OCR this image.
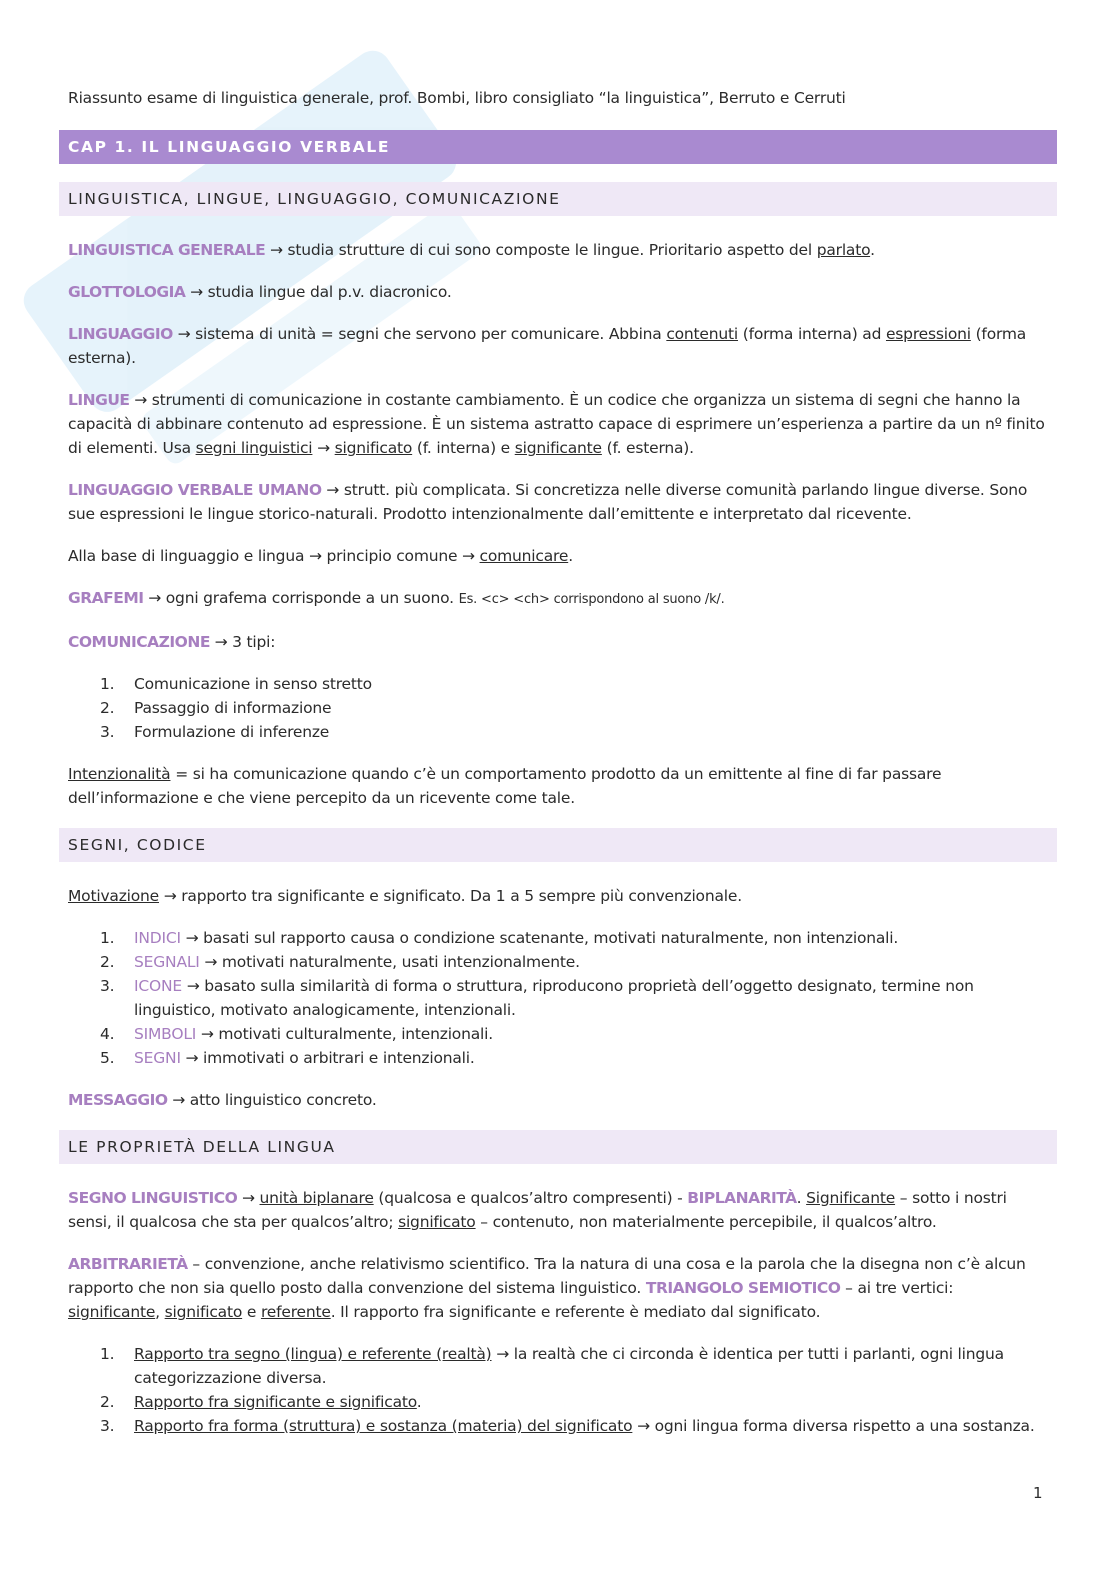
Riassunto esame di linguistica generale, prof. Bombi, libro consigliato “la linguistica”, Berruto e Cerruti

CAP 1. IL LINGUAGGIO VERBALE
LINGUISTICA, LINGUE, LINGUAGGIO, COMUNICAZIONE

LINGUISTICA GENERALE → studia strutture di cui sono composte le lingue. Prioritario aspetto del parlato.

GLOTTOLOGIA → studia lingue dal p.v. diacronico.

LINGUAGGIO → sistema di unità = segni che servono per comunicare. Abbina contenuti (forma interna) ad espressioni (forma esterna).

LINGUE → strumenti di comunicazione in costante cambiamento. È un codice che organizza un sistema di segni che hanno la capacità di abbinare contenuto ad espressione. È un sistema astratto capace di esprimere un’esperienza a partire da un nº finito di elementi. Usa segni linguistici → significato (f. interna) e significante (f. esterna).

LINGUAGGIO VERBALE UMANO → strutt. più complicata. Si concretizza nelle diverse comunità parlando lingue diverse. Sono sue espressioni le lingue storico-naturali. Prodotto intenzionalmente dall’emittente e interpretato dal ricevente.

Alla base di linguaggio e lingua → principio comune → comunicare.

GRAFEMI → ogni grafema corrisponde a un suono. Es. <c> <ch> corrispondono al suono /k/.

COMUNICAZIONE → 3 tipi:

1. Comunicazione in senso stretto
2. Passaggio di informazione
3. Formulazione di inferenze

Intenzionalità = si ha comunicazione quando c’è un comportamento prodotto da un emittente al fine di far passare dell’informazione e che viene percepito da un ricevente come tale.

SEGNI, CODICE

Motivazione → rapporto tra significante e significato. Da 1 a 5 sempre più convenzionale.

1. INDICI → basati sul rapporto causa o condizione scatenante, motivati naturalmente, non intenzionali.
2. SEGNALI → motivati naturalmente, usati intenzionalmente.
3. ICONE → basato sulla similarità di forma o struttura, riproducono proprietà dell’oggetto designato, termine non linguistico, motivato analogicamente, intenzionali.
4. SIMBOLI → motivati culturalmente, intenzionali.
5. SEGNI → immotivati o arbitrari e intenzionali.

MESSAGGIO → atto linguistico concreto.

LE PROPRIETÀ DELLA LINGUA

SEGNO LINGUISTICO → unità biplanare (qualcosa e qualcos’altro compresenti) - BIPLANARITÀ. Significante – sotto i nostri sensi, il qualcosa che sta per qualcos’altro; significato – contenuto, non materialmente percepibile, il qualcos’altro.

ARBITRARIETÀ – convenzione, anche relativismo scientifico. Tra la natura di una cosa e la parola che la disegna non c’è alcun rapporto che non sia quello posto dalla convenzione del sistema linguistico. TRIANGOLO SEMIOTICO – ai tre vertici: significante, significato e referente. Il rapporto fra significante e referente è mediato dal significato.

1. Rapporto tra segno (lingua) e referente (realtà) → la realtà che ci circonda è identica per tutti i parlanti, ogni lingua categorizzazione diversa.
2. Rapporto fra significante e significato.
3. Rapporto fra forma (struttura) e sostanza (materia) del significato → ogni lingua forma diversa rispetto a una sostanza.
1
